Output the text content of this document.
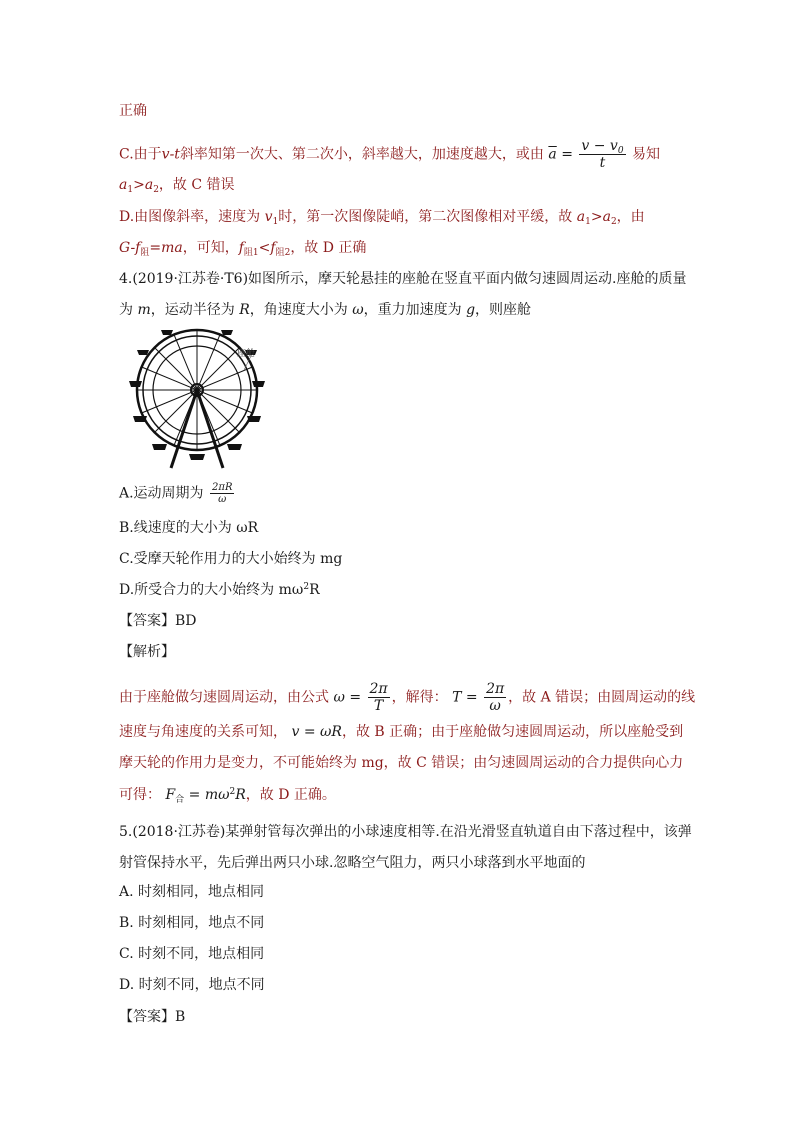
正确
C.由于v-t斜率知第一次大、第二次小，斜率越大，加速度越大，或由 $\overline{a} = \frac{v - v_0}{t}$ 易知
$a_1>a_2$，故 C 错误
D.由图像斜率，速度为 $v_1$时，第一次图像陡峭，第二次图像相对平缓，故 $a_1>a_2$，由
$G-f_阻=ma$，可知，$f_{阻1}<f_{阻2}$，故 D 正确
4.(2019·江苏卷·T6)如图所示，摩天轮悬挂的座舱在竖直平面内做匀速圆周运动.座舱的质量
为 m，运动半径为 R，角速度大小为 ω，重力加速度为 g，则座舱
座舱
A.运动周期为 $\frac{2\pi R}{\omega}$
B.线速度的大小为 ωR
C.受摩天轮作用力的大小始终为 mg
D.所受合力的大小始终为 $m\omega^2R$
【答案】BD
【解析】
由于座舱做匀速圆周运动，由公式 $\omega = \frac{2\pi}{T}$ ，解得： $T = \frac{2\pi}{\omega}$ ，故 A 错误；由圆周运动的线
速度与角速度的关系可知， v = ωR，故 B 正确；由于座舱做匀速圆周运动，所以座舱受到
摩天轮的作用力是变力，不可能始终为 mg，故 C 错误；由匀速圆周运动的合力提供向心力
可得： $F_合 = m\omega^2R$，故 D 正确。
5.(2018·江苏卷)某弹射管每次弹出的小球速度相等.在沿光滑竖直轨道自由下落过程中，该弹
射管保持水平，先后弹出两只小球.忽略空气阻力，两只小球落到水平地面的
A. 时刻相同，地点相同
B. 时刻相同，地点不同
C. 时刻不同，地点相同
D. 时刻不同，地点不同
【答案】B
